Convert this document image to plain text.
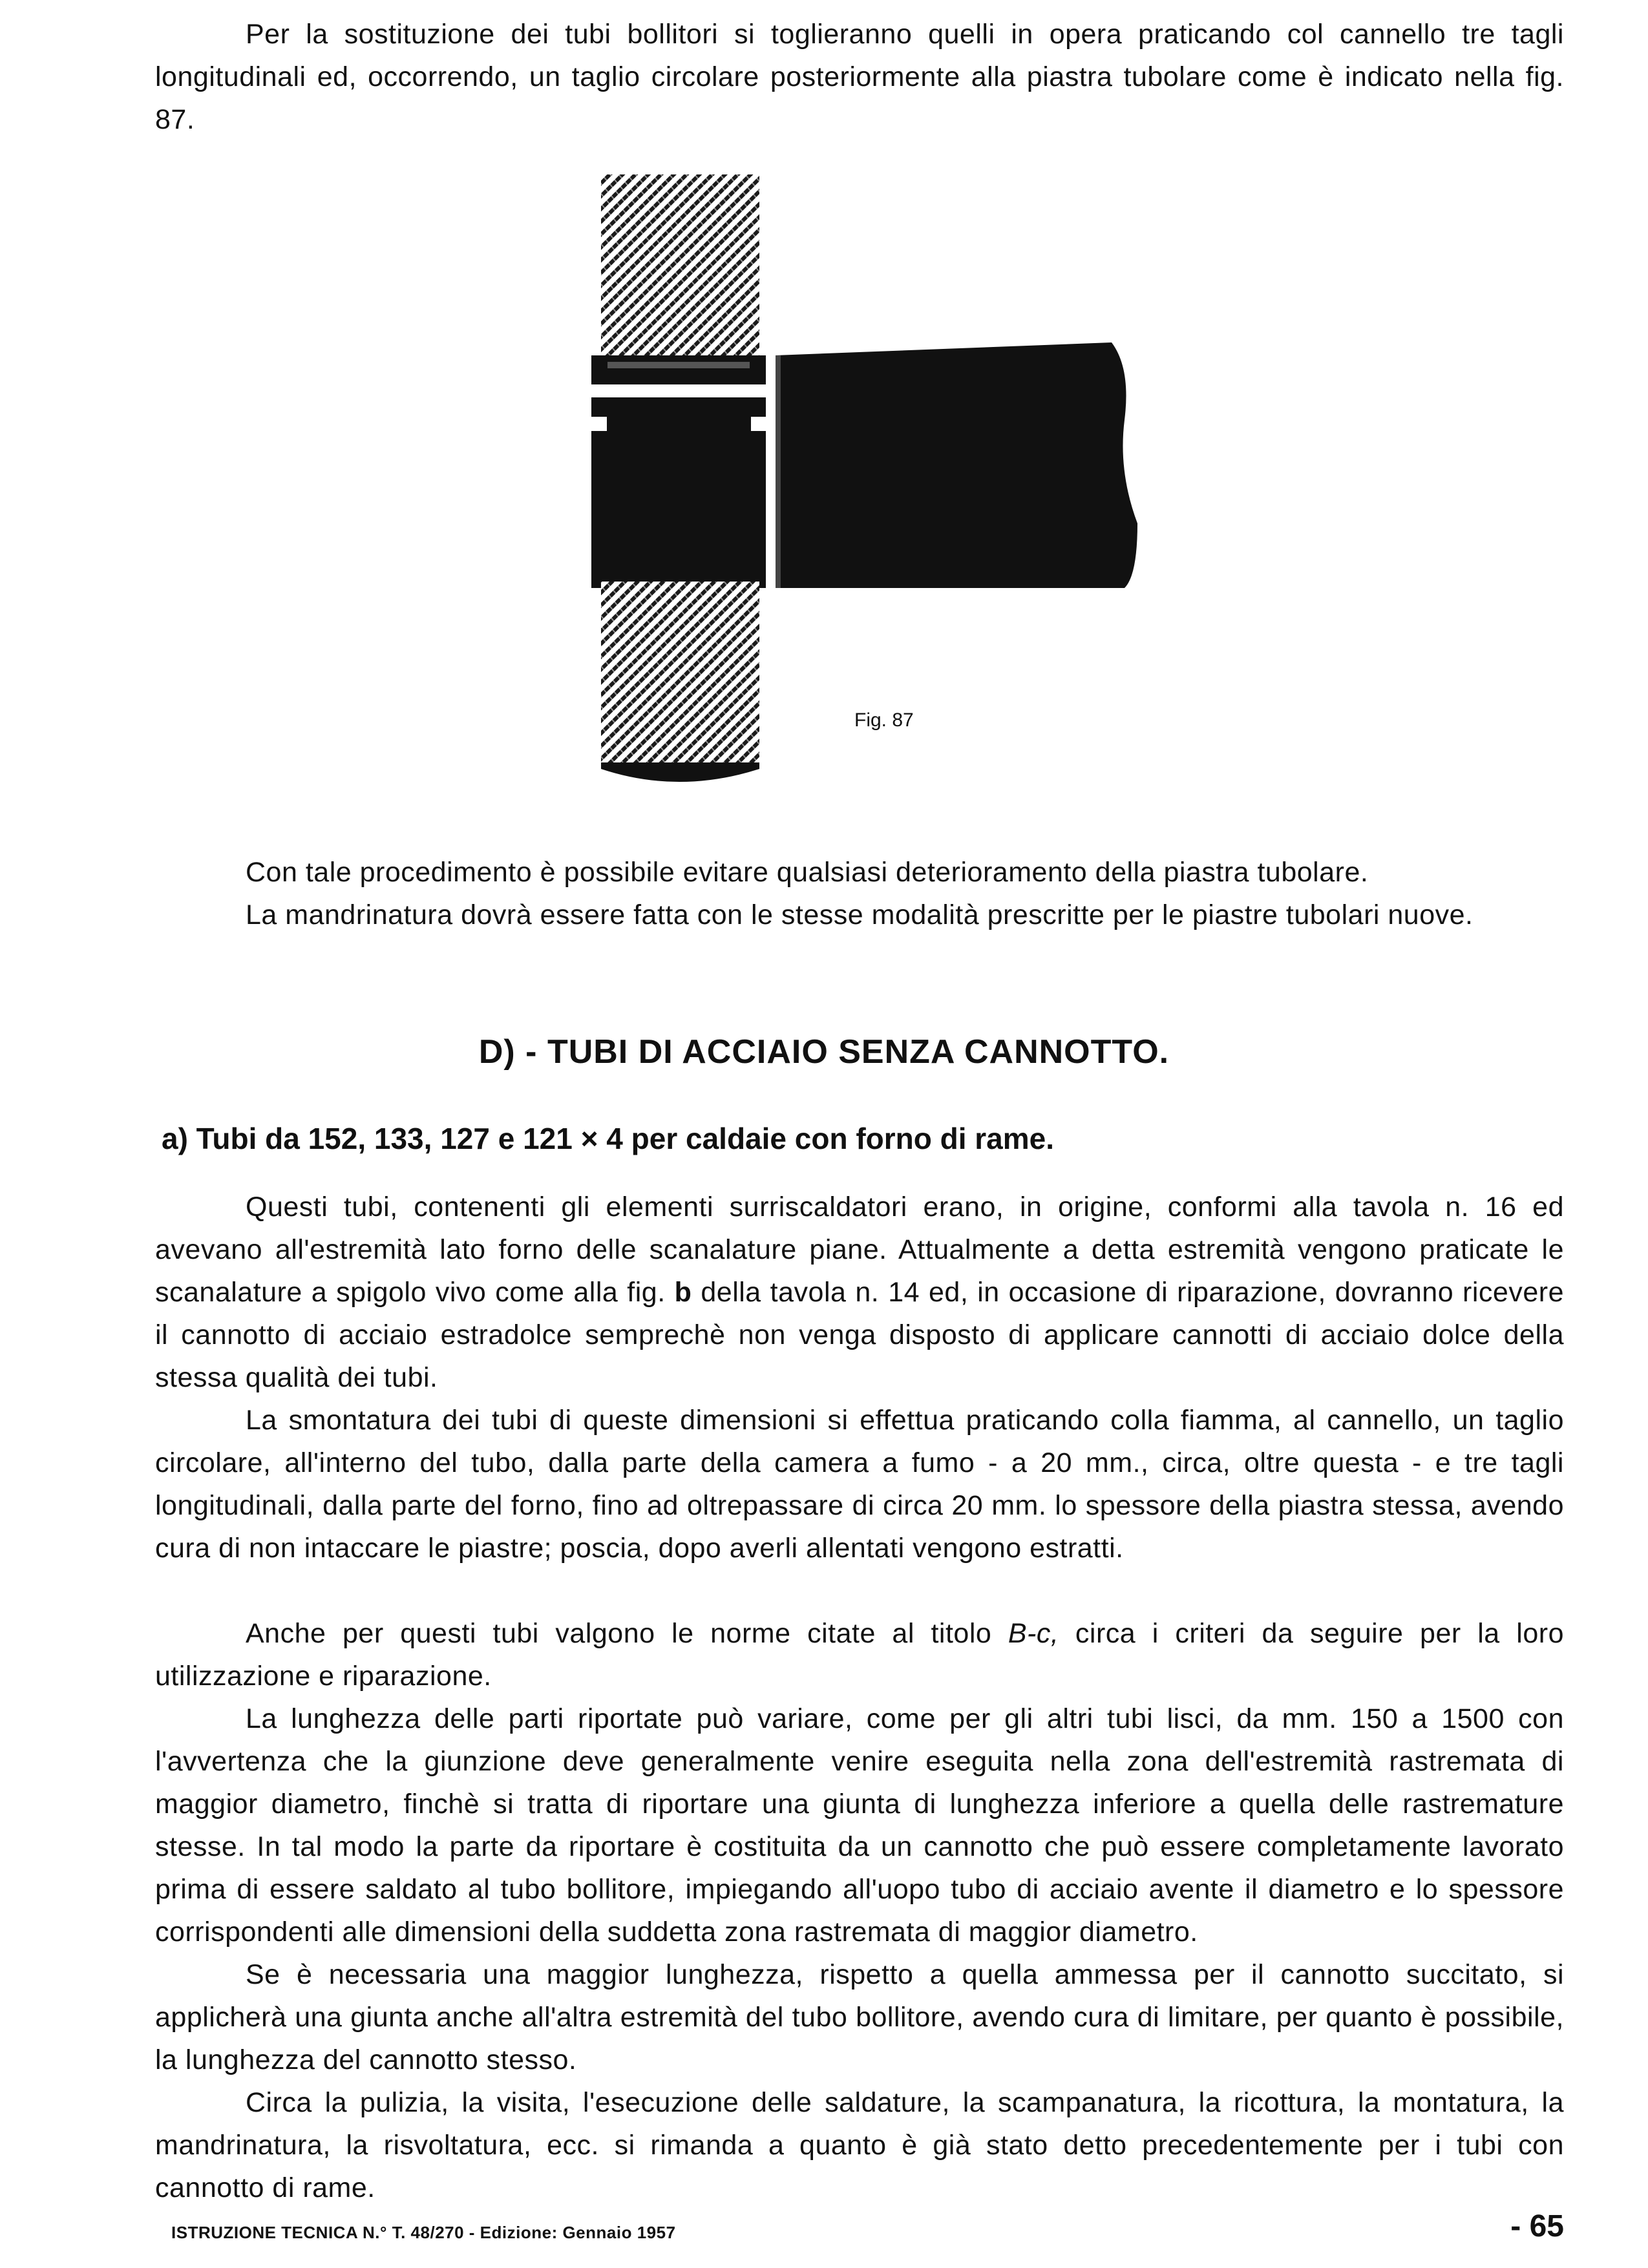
Per la sostituzione dei tubi bollitori si toglieranno quelli in opera praticando col cannello tre tagli longitudinali ed, occorrendo, un taglio circolare posteriormente alla piastra tubolare come è indicato nella fig. 87.
Fig. 87
Con tale procedimento è possibile evitare qualsiasi deterioramento della piastra tubolare.
La mandrinatura dovrà essere fatta con le stesse modalità prescritte per le piastre tubolari nuove.
D) - TUBI DI ACCIAIO SENZA CANNOTTO.
a) Tubi da 152, 133, 127 e 121 × 4 per caldaie con forno di rame.
Questi tubi, contenenti gli elementi surriscaldatori erano, in origine, conformi alla tavola n. 16 ed avevano all'estremità lato forno delle scanalature piane. Attualmente a detta estremità vengono praticate le scanalature a spigolo vivo come alla fig. b della tavola n. 14 ed, in occasione di riparazione, dovranno ricevere il cannotto di acciaio estradolce semprechè non venga disposto di applicare cannotti di acciaio dolce della stessa qualità dei tubi.
La smontatura dei tubi di queste dimensioni si effettua praticando colla fiamma, al cannello, un taglio circolare, all'interno del tubo, dalla parte della camera a fumo - a 20 mm., circa, oltre questa - e tre tagli longitudinali, dalla parte del forno, fino ad oltrepassare di circa 20 mm. lo spessore della piastra stessa, avendo cura di non intaccare le piastre; poscia, dopo averli allentati vengono estratti.
Anche per questi tubi valgono le norme citate al titolo B-c, circa i criteri da seguire per la loro utilizzazione e riparazione.
La lunghezza delle parti riportate può variare, come per gli altri tubi lisci, da mm. 150 a 1500 con l'avvertenza che la giunzione deve generalmente venire eseguita nella zona dell'estremità rastremata di maggior diametro, finchè si tratta di riportare una giunta di lunghezza inferiore a quella delle rastremature stesse. In tal modo la parte da riportare è costituita da un cannotto che può essere completamente lavorato prima di essere saldato al tubo bollitore, impiegando all'uopo tubo di acciaio avente il diametro e lo spessore corrispondenti alle dimensioni della suddetta zona rastremata di maggior diametro.
Se è necessaria una maggior lunghezza, rispetto a quella ammessa per il cannotto succitato, si applicherà una giunta anche all'altra estremità del tubo bollitore, avendo cura di limitare, per quanto è possibile, la lunghezza del cannotto stesso.
Circa la pulizia, la visita, l'esecuzione delle saldature, la scampanatura, la ricottura, la montatura, la mandrinatura, la risvoltatura, ecc. si rimanda a quanto è già stato detto precedentemente per i tubi con cannotto di rame.
ISTRUZIONE TECNICA N.° T. 48/270 - Edizione: Gennaio 1957	- 65
